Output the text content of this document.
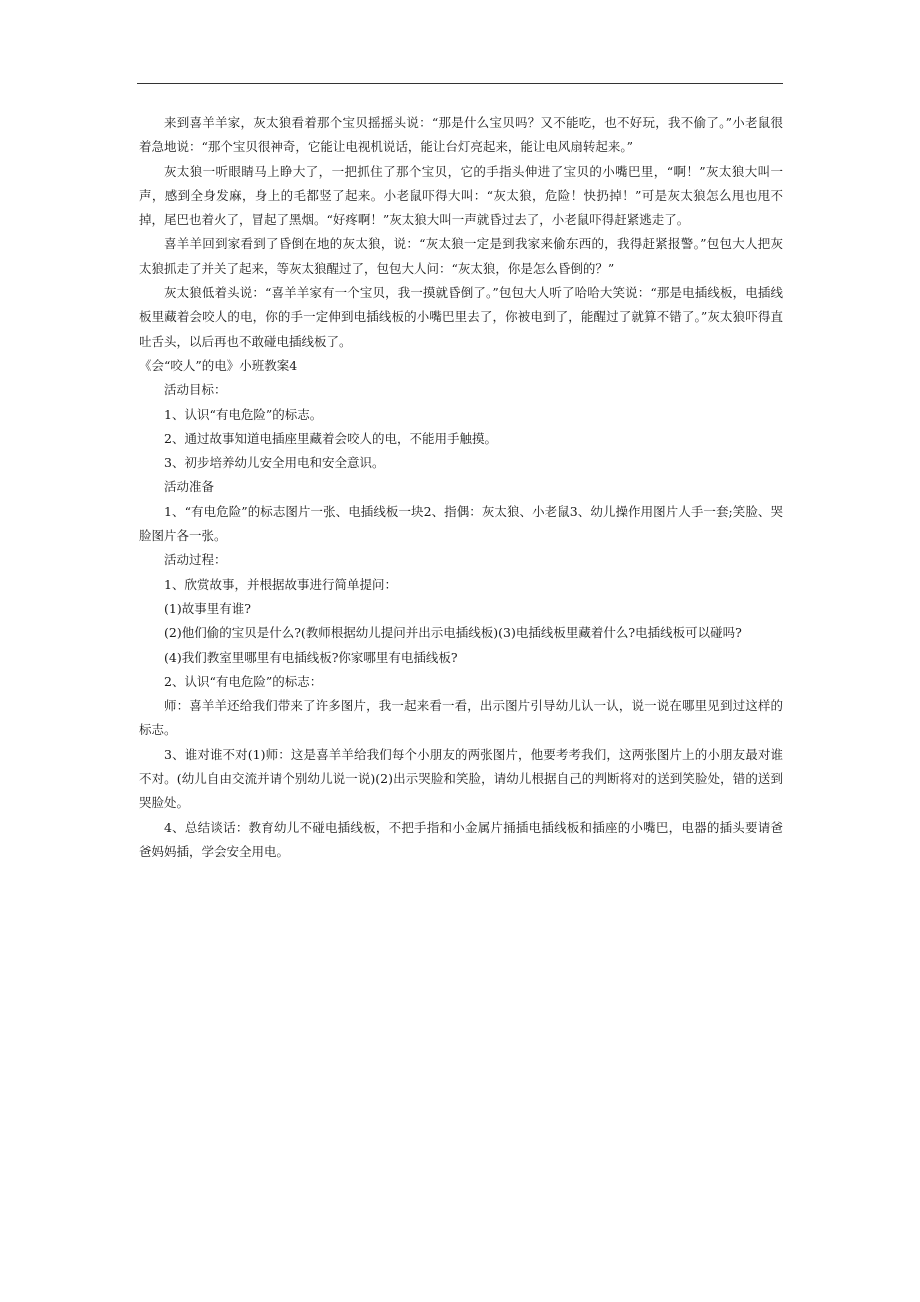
来到喜羊羊家，灰太狼看着那个宝贝摇摇头说：“那是什么宝贝吗？又不能吃，也不好玩，我不偷了。”小老鼠很着急地说：“那个宝贝很神奇，它能让电视机说话，能让台灯亮起来，能让电风扇转起来。”

灰太狼一听眼睛马上睁大了，一把抓住了那个宝贝，它的手指头伸进了宝贝的小嘴巴里，“啊！”灰太狼大叫一声，感到全身发麻，身上的毛都竖了起来。小老鼠吓得大叫：“灰太狼，危险！快扔掉！”可是灰太狼怎么甩也甩不掉，尾巴也着火了，冒起了黑烟。“好疼啊！”灰太狼大叫一声就昏过去了，小老鼠吓得赶紧逃走了。

喜羊羊回到家看到了昏倒在地的灰太狼，说：“灰太狼一定是到我家来偷东西的，我得赶紧报警。”包包大人把灰太狼抓走了并关了起来，等灰太狼醒过了，包包大人问：“灰太狼，你是怎么昏倒的？”

灰太狼低着头说：“喜羊羊家有一个宝贝，我一摸就昏倒了。”包包大人听了哈哈大笑说：“那是电插线板，电插线板里藏着会咬人的电，你的手一定伸到电插线板的小嘴巴里去了，你被电到了，能醒过了就算不错了。”灰太狼吓得直吐舌头，以后再也不敢碰电插线板了。

《会“咬人”的电》小班教案4

活动目标：

1、认识“有电危险”的标志。

2、通过故事知道电插座里藏着会咬人的电，不能用手触摸。

3、初步培养幼儿安全用电和安全意识。

活动准备

1、“有电危险”的标志图片一张、电插线板一块2、指偶：灰太狼、小老鼠3、幼儿操作用图片人手一套;笑脸、哭脸图片各一张。

活动过程：

1、欣赏故事，并根据故事进行简单提问：

(1)故事里有谁?

(2)他们偷的宝贝是什么?(教师根据幼儿提问并出示电插线板)(3)电插线板里藏着什么?电插线板可以碰吗?

(4)我们教室里哪里有电插线板?你家哪里有电插线板?

2、认识“有电危险”的标志：

师：喜羊羊还给我们带来了许多图片，我一起来看一看，出示图片引导幼儿认一认，说一说在哪里见到过这样的标志。

3、谁对谁不对(1)师：这是喜羊羊给我们每个小朋友的两张图片，他要考考我们，这两张图片上的小朋友最对谁不对。(幼儿自由交流并请个别幼儿说一说)(2)出示哭脸和笑脸，请幼儿根据自己的判断将对的送到笑脸处，错的送到哭脸处。

4、总结谈话：教育幼儿不碰电插线板，不把手指和小金属片捅插电插线板和插座的小嘴巴，电器的插头要请爸爸妈妈插，学会安全用电。
